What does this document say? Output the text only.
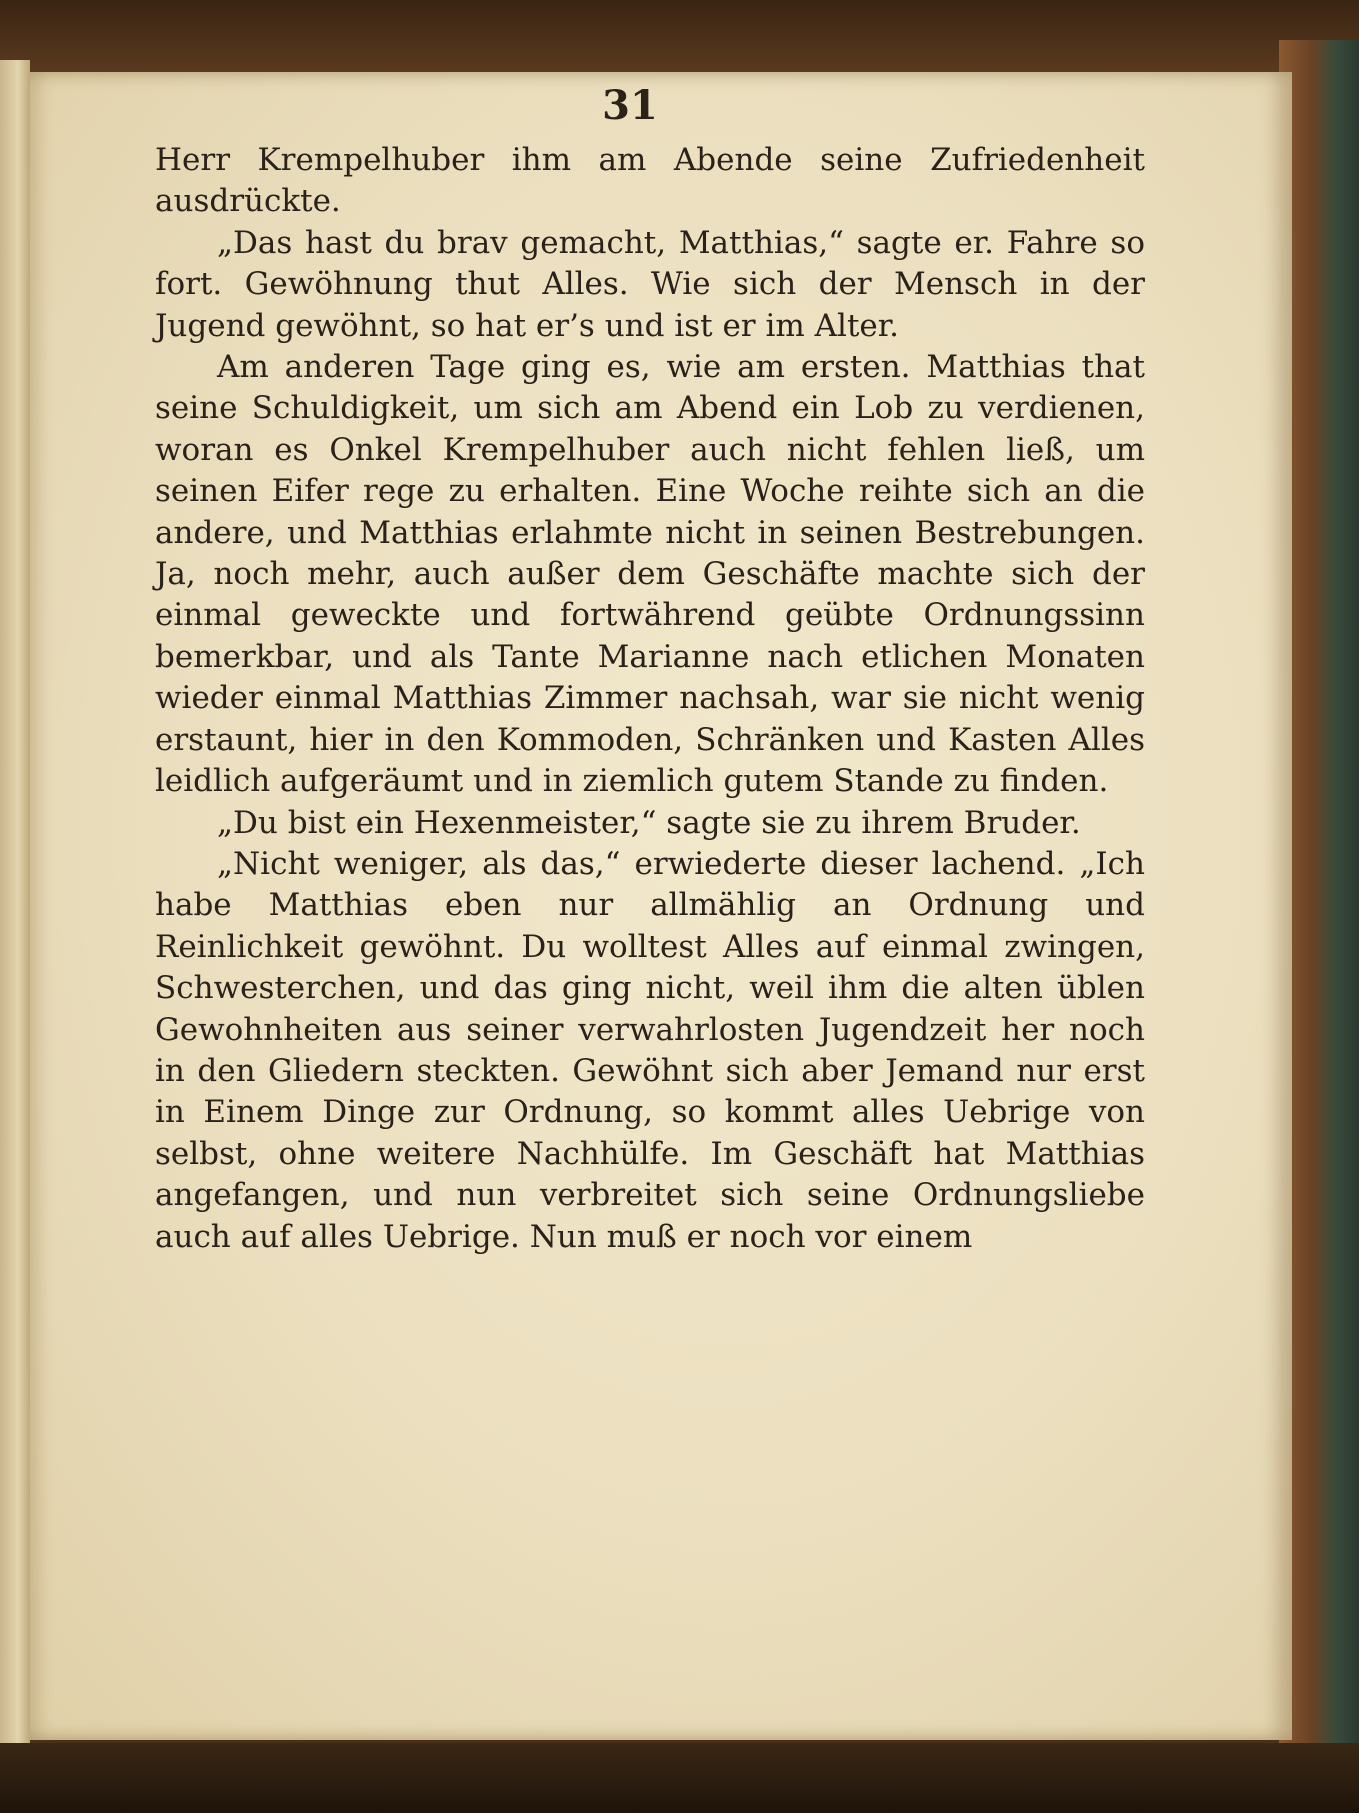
31

Herr Krempelhuber ihm am Abende seine Zufriedenheit ausdrückte.

„Das hast du brav gemacht, Matthias,“ sagte er. Fahre so fort. Gewöhnung thut Alles. Wie sich der Mensch in der Jugend gewöhnt, so hat er’s und ist er im Alter.

Am anderen Tage ging es, wie am ersten. Matthias that seine Schuldigkeit, um sich am Abend ein Lob zu verdienen, woran es Onkel Krempelhuber auch nicht fehlen ließ, um seinen Eifer rege zu erhalten. Eine Woche reihte sich an die andere, und Matthias erlahmte nicht in seinen Bestrebungen. Ja, noch mehr, auch außer dem Geschäfte machte sich der einmal geweckte und fortwährend geübte Ordnungssinn bemerkbar, und als Tante Marianne nach etlichen Monaten wieder einmal Matthias Zimmer nachsah, war sie nicht wenig erstaunt, hier in den Kommoden, Schränken und Kasten Alles leidlich aufgeräumt und in ziemlich gutem Stande zu finden.

„Du bist ein Hexenmeister,“ sagte sie zu ihrem Bruder.

„Nicht weniger, als das,“ erwiederte dieser lachend. „Ich habe Matthias eben nur allmählig an Ordnung und Reinlichkeit gewöhnt. Du wolltest Alles auf einmal zwingen, Schwesterchen, und das ging nicht, weil ihm die alten üblen Gewohnheiten aus seiner verwahrlosten Jugendzeit her noch in den Gliedern steckten. Gewöhnt sich aber Jemand nur erst in Einem Dinge zur Ordnung, so kommt alles Uebrige von selbst, ohne weitere Nachhülfe. Im Geschäft hat Matthias angefangen, und nun verbreitet sich seine Ordnungsliebe auch auf alles Uebrige. Nun muß er noch vor einem
